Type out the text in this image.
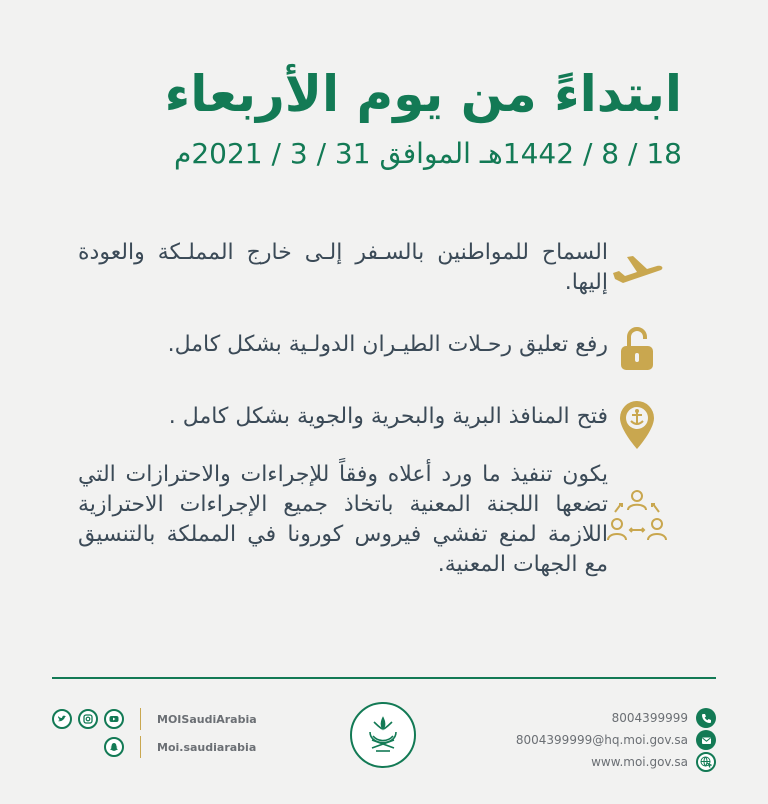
ابتداءً من يوم الأربعاء
18 / 8 / 1442هـ الموافق 31 / 3 / 2021م
السماح للمواطنين بالسـفر إلـى خارج المملـكة والعودة إليها.
رفع تعليق رحـلات الطيـران الدولـية بشكل كامل.
فتح المنافذ البرية والبحرية والجوية بشكل كامل .
يكون تنفيذ ما ورد أعلاه وفقاً للإجراءات والاحترازات التي تضعها اللجنة المعنية باتخاذ جميع الإجراءات الاحترازية اللازمة لمنع تفشي فيروس كورونا في المملكة بالتنسيق مع الجهات المعنية.
MOISaudiArabia
Moi.saudiarabia
8004399999
8004399999@hq.moi.gov.sa
www.moi.gov.sa
